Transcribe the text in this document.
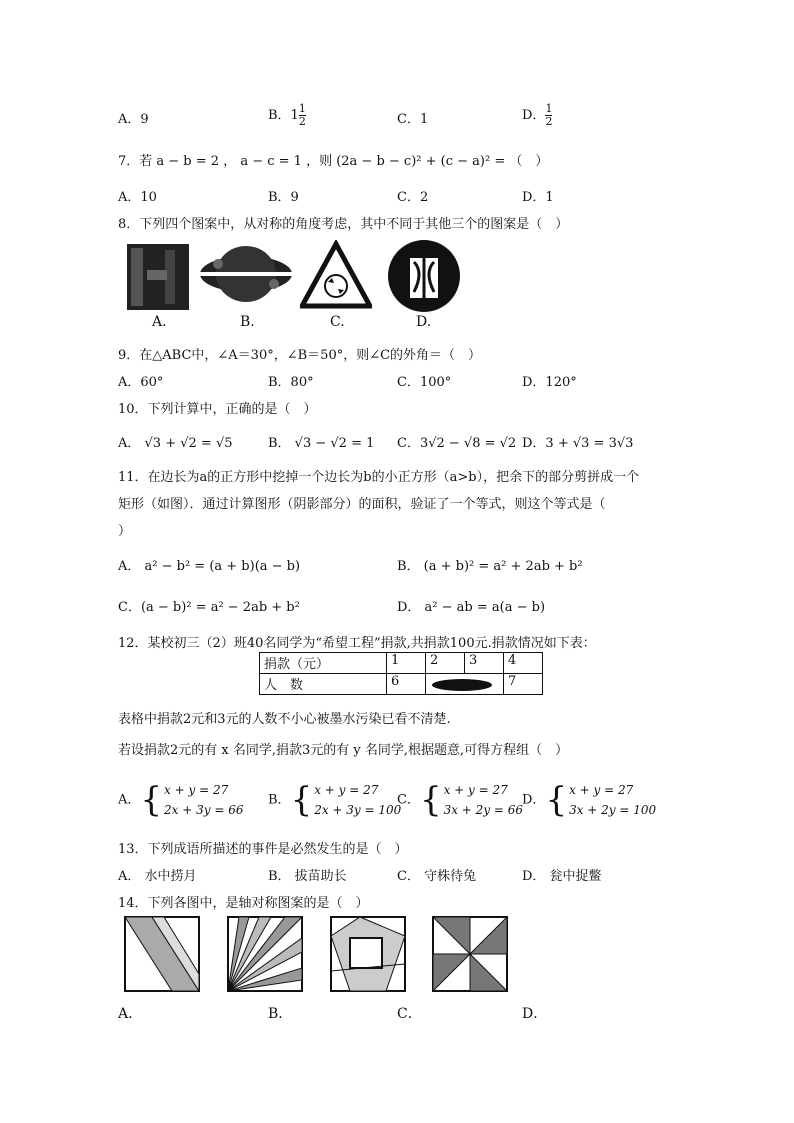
A．9	B．$1 \frac{1}{2}$	C．1	D． $\frac{1}{2}$
7．若 a − b = 2 ， a − c = 1 ，则 (2a − b − c)² + (c − a)² = （　）
A．10	B．9	C．2	D．1
8．下列四个图案中，从对称的角度考虑，其中不同于其他三个的图案是（　）
A.	B.	C.	D.
9．在△ABC中，∠A＝30°，∠B＝50°，则∠C的外角＝（　）
A．60°	B．80°	C．100°	D．120°
10．下列计算中，正确的是（　）
A． √3 + √2 = √5	B． √3 − √2 = 1 C．3√2 − √8 = √2 D．3 + √3 = 3√3
11．在边长为a的正方形中挖掉一个边长为b的小正方形（a>b），把余下的部分剪拼成一个
矩形（如图）．通过计算图形（阴影部分）的面积，验证了一个等式，则这个等式是（
）
A． a² − b² = (a + b)(a − b)	B． (a + b)² = a² + 2ab + b²
C．(a − b)² = a² − 2ab + b²	D． a² − ab = a(a − b)
12．某校初三（2）班40名同学为“希望工程”捐款,共捐款100元.捐款情况如下表：
捐款（元）	1	2	3	4
人　数	6			7
表格中捐款2元和3元的人数不小心被墨水污染已看不清楚.
若设捐款2元的有 x 名同学,捐款3元的有 y 名同学,根据题意,可得方程组（　）
A．{ x + y = 27
2x + 3y = 66
B．{ x + y = 27
2x + 3y = 100
C．{ x + y = 27
3x + 2y = 66
D．{ x + y = 27
3x + 2y = 100
13．下列成语所描述的事件是必然发生的是（　）
A． 水中捞月	B． 拔苗助长	C． 守株待兔	D． 瓮中捉鳖
14．下列各图中，是轴对称图案的是（　）
A．	B．	C．	D．
